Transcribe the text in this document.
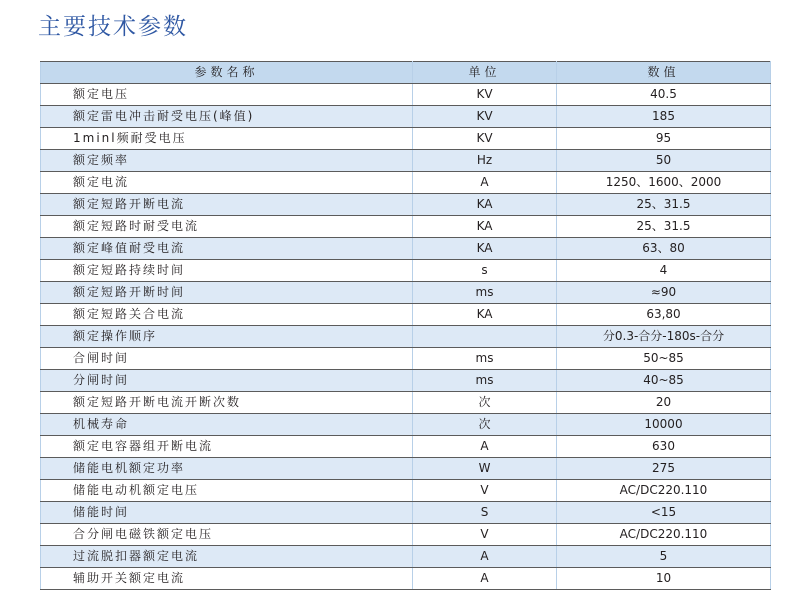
主要技术参数
参数名称	单位	数值
额定电压	KV	40.5
额定雷电冲击耐受电压(峰值)	KV	185
1minl频耐受电压	KV	95
额定频率	Hz	50
额定电流	A	1250、1600、2000
额定短路开断电流	KA	25、31.5
额定短路时耐受电流	KA	25、31.5
额定峰值耐受电流	KA	63、80
额定短路持续时间	s	4
额定短路开断时间	ms	≈90
额定短路关合电流	KA	63,80
额定操作顺序		分0.3-合分-180s-合分
合闸时间	ms	50~85
分闸时间	ms	40~85
额定短路开断电流开断次数	次	20
机械寿命	次	10000
额定电容器组开断电流	A	630
储能电机额定功率	W	275
储能电动机额定电压	V	AC/DC220.110
储能时间	S	<15
合分闸电磁铁额定电压	V	AC/DC220.110
过流脱扣器额定电流	A	5
辅助开关额定电流	A	10
